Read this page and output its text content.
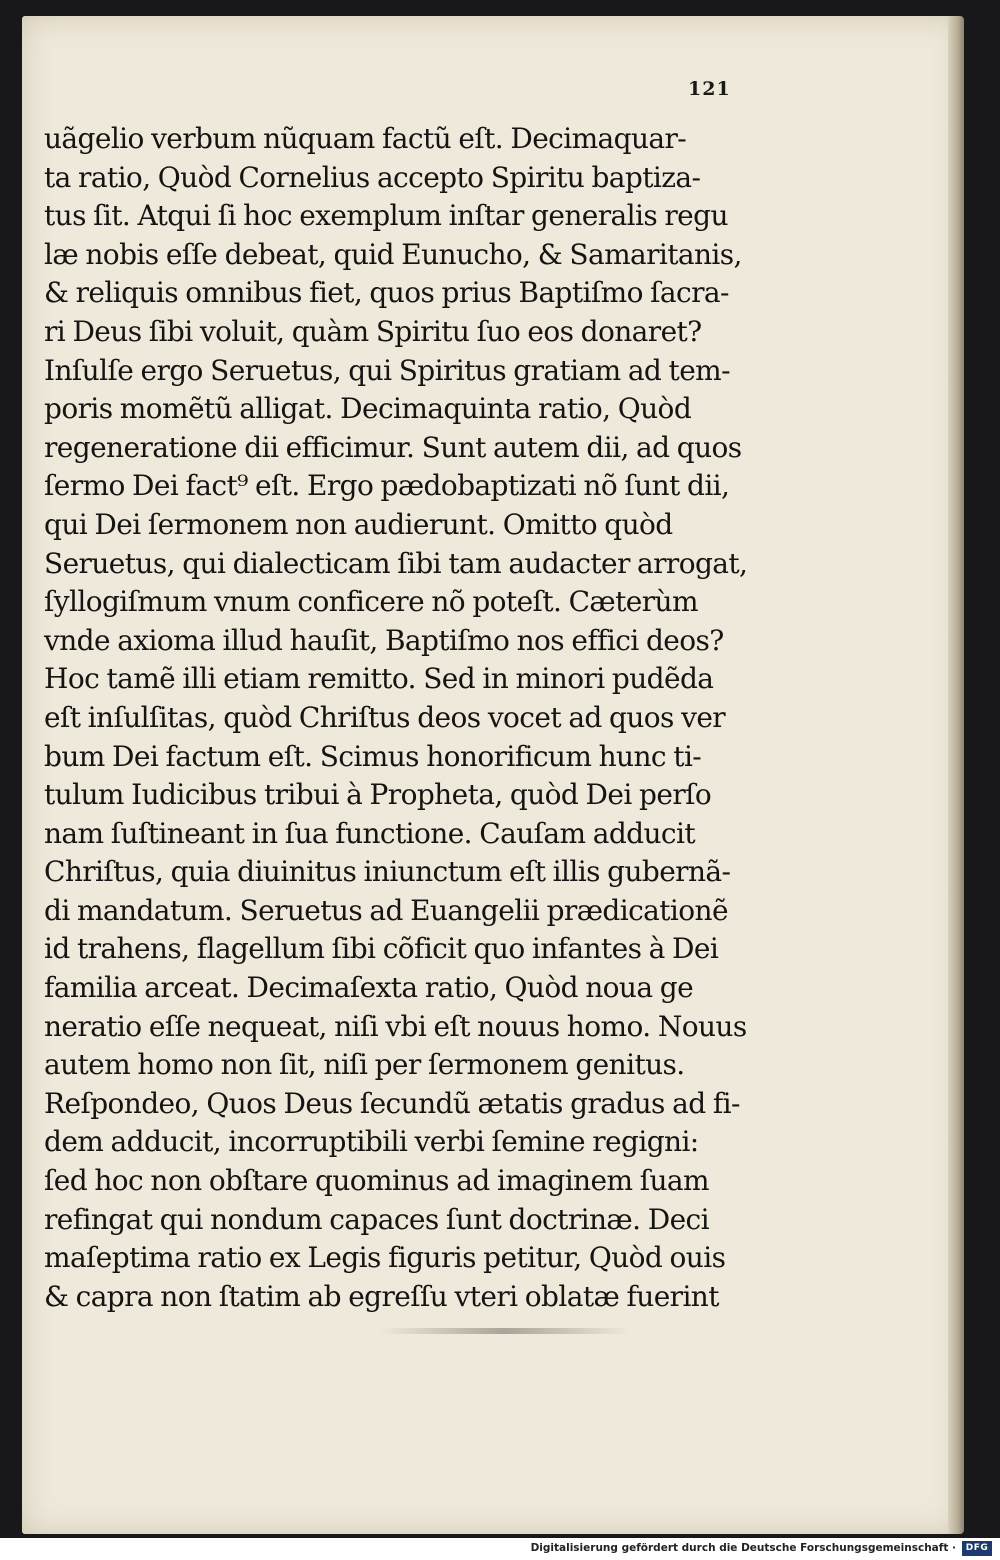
121
uãgelio verbum nũquam factũ eſt. Decimaquar-
ta ratio, Quòd Cornelius accepto Spiritu baptiza-
tus ſit. Atqui ſi hoc exemplum inſtar generalis regu
læ nobis eſſe debeat, quid Eunucho, & Samaritanis,
& reliquis omnibus fiet, quos prius Baptiſmo ſacra-
ri Deus ſibi voluit, quàm Spiritu ſuo eos donaret?
Inſulſe ergo Seruetus, qui Spiritus gratiam ad tem-
poris momẽtũ alligat. Decimaquinta ratio, Quòd
regeneratione dii efficimur. Sunt autem dii, ad quos
ſermo Dei fact⁹ eſt. Ergo pædobaptizati nõ ſunt dii,
qui Dei ſermonem non audierunt. Omitto quòd
Seruetus, qui dialecticam ſibi tam audacter arrogat,
ſyllogiſmum vnum conficere nõ poteſt. Cæterùm
vnde axioma illud hauſit, Baptiſmo nos effici deos?
Hoc tamẽ illi etiam remitto. Sed in minori pudẽda
eſt inſulſitas, quòd Chriſtus deos vocet ad quos ver
bum Dei factum eſt. Scimus honorificum hunc ti-
tulum Iudicibus tribui à Propheta, quòd Dei perſo
nam ſuſtineant in ſua functione. Cauſam adducit
Chriſtus, quia diuinitus iniunctum eſt illis gubernã-
di mandatum. Seruetus ad Euangelii prædicationẽ
id trahens, flagellum ſibi cõficit quo infantes à Dei
familia arceat. Decimaſexta ratio, Quòd noua ge
neratio eſſe nequeat, niſi vbi eſt nouus homo. Nouus
autem homo non ſit, niſi per ſermonem genitus.
Reſpondeo, Quos Deus ſecundũ ætatis gradus ad fi-
dem adducit, incorruptibili verbi ſemine regigni:
ſed hoc non obſtare quominus ad imaginem ſuam
refingat qui nondum capaces ſunt doctrinæ. Deci
maſeptima ratio ex Legis figuris petitur, Quòd ouis
& capra non ſtatim ab egreſſu vteri oblatæ fuerint
Digitalisierung gefördert durch die Deutsche Forschungsgemeinschaft ·	DFG
